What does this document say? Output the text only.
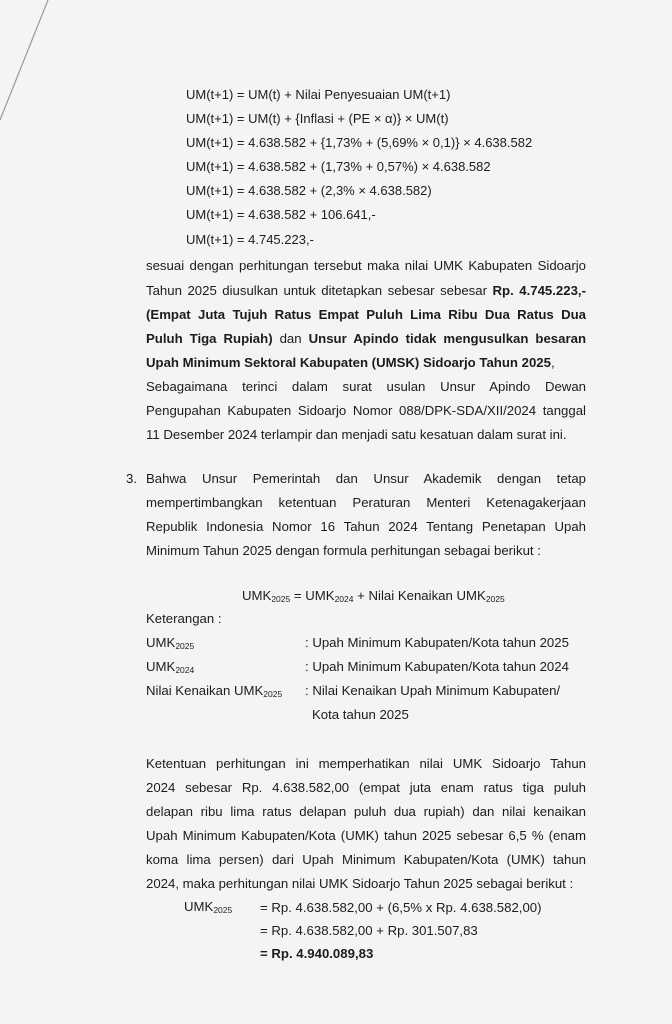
UM(t+1) = UM(t) + Nilai Penyesuaian UM(t+1)
UM(t+1) = UM(t) + {Inflasi + (PE × α)} × UM(t)
UM(t+1) = 4.638.582 + {1,73% + (5,69% × 0,1)} × 4.638.582
UM(t+1) = 4.638.582 + (1,73% + 0,57%) × 4.638.582
UM(t+1) = 4.638.582 + (2,3% × 4.638.582)
UM(t+1) = 4.638.582 + 106.641,-
UM(t+1) = 4.745.223,-
sesuai dengan perhitungan tersebut maka nilai UMK Kabupaten Sidoarjo
Tahun 2025 diusulkan untuk ditetapkan sebesar sebesar Rp. 4.745.223,-
(Empat Juta Tujuh Ratus Empat Puluh Lima Ribu Dua Ratus Dua
Puluh Tiga Rupiah) dan Unsur Apindo tidak mengusulkan besaran
Upah Minimum Sektoral Kabupaten (UMSK) Sidoarjo Tahun 2025,
Sebagaimana terinci dalam surat usulan Unsur Apindo Dewan
Pengupahan Kabupaten Sidoarjo Nomor 088/DPK-SDA/XII/2024 tanggal
11 Desember 2024 terlampir dan menjadi satu kesatuan dalam surat ini.
3. Bahwa Unsur Pemerintah dan Unsur Akademik dengan tetap
mempertimbangkan ketentuan Peraturan Menteri Ketenagakerjaan
Republik Indonesia Nomor 16 Tahun 2024 Tentang Penetapan Upah
Minimum Tahun 2025 dengan formula perhitungan sebagai berikut :
$UMK_{2025} = UMK_{2024}$ + Nilai Kenaikan $UMK_{2025}$
Keterangan :
$UMK_{2025}$	: Upah Minimum Kabupaten/Kota tahun 2025
$UMK_{2024}$	: Upah Minimum Kabupaten/Kota tahun 2024
Nilai Kenaikan $UMK_{2025}$ : Nilai Kenaikan Upah Minimum Kabupaten/
Kota tahun 2025
Ketentuan perhitungan ini memperhatikan nilai UMK Sidoarjo Tahun
2024 sebesar Rp. 4.638.582,00 (empat juta enam ratus tiga puluh
delapan ribu lima ratus delapan puluh dua rupiah) dan nilai kenaikan
Upah Minimum Kabupaten/Kota (UMK) tahun 2025 sebesar 6,5 % (enam
koma lima persen) dari Upah Minimum Kabupaten/Kota (UMK) tahun
2024, maka perhitungan nilai UMK Sidoarjo Tahun 2025 sebagai berikut :
$UMK_{2025} = Rp$. 4.638.582,00 + (6,5% x Rp. 4.638.582,00)
= Rp. 4.638.582,00 + Rp. 301.507,83
= Rp. 4.940.089,83
